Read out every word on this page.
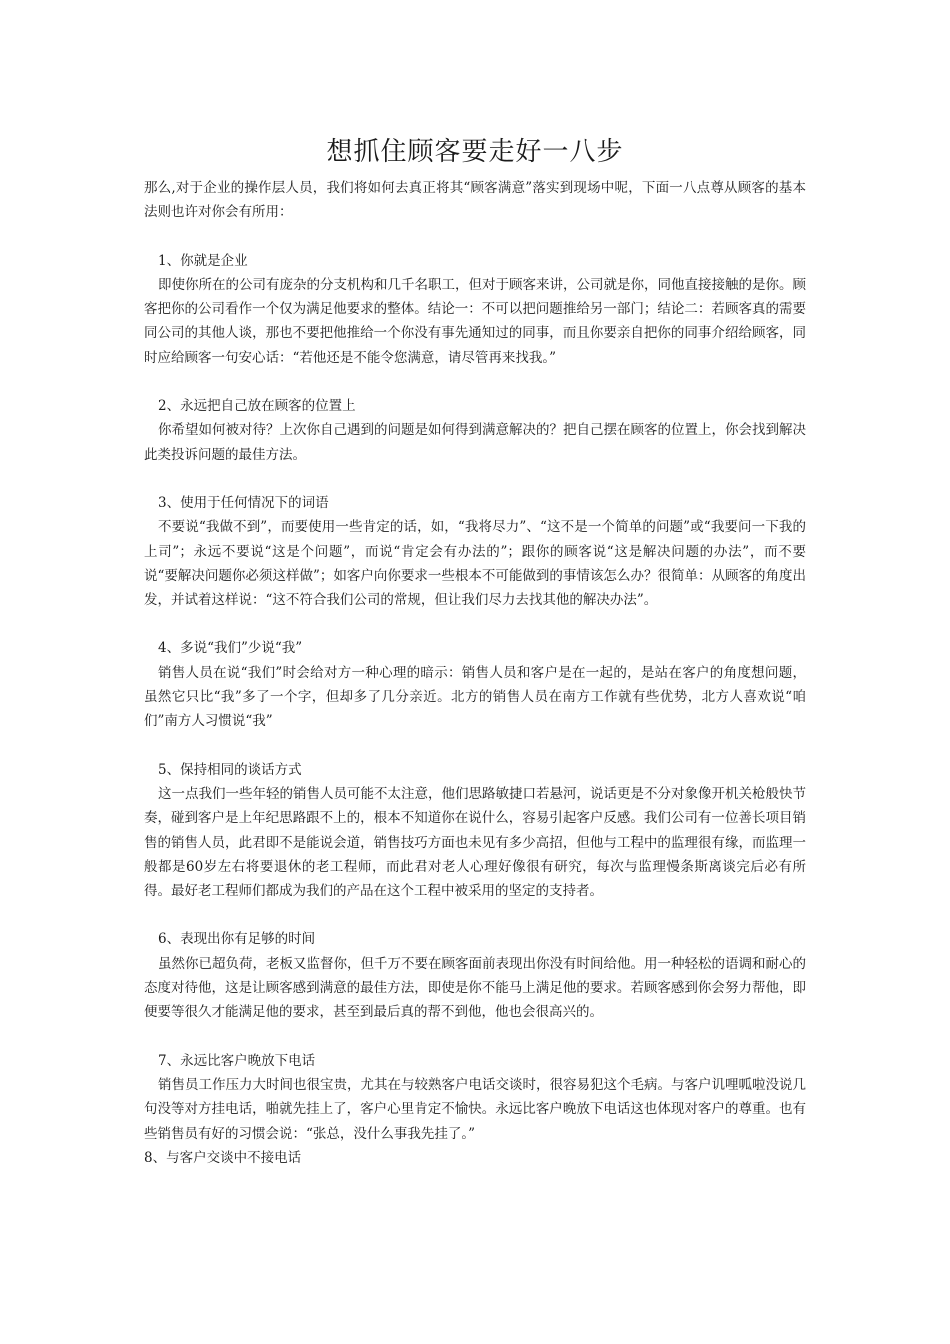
想抓住顾客要走好一八步

那么,对于企业的操作层人员，我们将如何去真正将其“顾客满意”落实到现场中呢，下面一八点尊从顾客的基本法则也许对你会有所用：

1、你就是企业

即使你所在的公司有庞杂的分支机构和几千名职工，但对于顾客来讲，公司就是你，同他直接接触的是你。顾客把你的公司看作一个仅为满足他要求的整体。结论一：不可以把问题推给另一部门；结论二：若顾客真的需要同公司的其他人谈，那也不要把他推给一个你没有事先通知过的同事，而且你要亲自把你的同事介绍给顾客，同时应给顾客一句安心话：“若他还是不能令您满意，请尽管再来找我。”

2、永远把自己放在顾客的位置上

你希望如何被对待？上次你自己遇到的问题是如何得到满意解决的？把自己摆在顾客的位置上，你会找到解决此类投诉问题的最佳方法。

3、使用于任何情况下的词语

不要说“我做不到”，而要使用一些肯定的话，如，“我将尽力”、“这不是一个简单的问题”或“我要问一下我的上司”；永远不要说“这是个问题”，而说“肯定会有办法的”；跟你的顾客说“这是解决问题的办法”，而不要说“要解决问题你必须这样做”；如客户向你要求一些根本不可能做到的事情该怎么办？很简单：从顾客的角度出发，并试着这样说：“这不符合我们公司的常规，但让我们尽力去找其他的解决办法”。

4、多说“我们”少说“我”

销售人员在说“我们”时会给对方一种心理的暗示：销售人员和客户是在一起的，是站在客户的角度想问题，虽然它只比“我”多了一个字，但却多了几分亲近。北方的销售人员在南方工作就有些优势，北方人喜欢说“咱们”南方人习惯说“我”

5、保持相同的谈话方式

这一点我们一些年轻的销售人员可能不太注意，他们思路敏捷口若悬河，说话更是不分对象像开机关枪般快节奏，碰到客户是上年纪思路跟不上的，根本不知道你在说什么，容易引起客户反感。我们公司有一位善长项目销售的销售人员，此君即不是能说会道，销售技巧方面也未见有多少高招，但他与工程中的监理很有缘，而监理一般都是60岁左右将要退休的老工程师，而此君对老人心理好像很有研究，每次与监理慢条斯离谈完后必有所得。最好老工程师们都成为我们的产品在这个工程中被采用的坚定的支持者。

6、表现出你有足够的时间

虽然你已超负荷，老板又监督你，但千万不要在顾客面前表现出你没有时间给他。用一种轻松的语调和耐心的态度对待他，这是让顾客感到满意的最佳方法，即使是你不能马上满足他的要求。若顾客感到你会努力帮他，即便要等很久才能满足他的要求，甚至到最后真的帮不到他，他也会很高兴的。

7、永远比客户晚放下电话

销售员工作压力大时间也很宝贵，尤其在与较熟客户电话交谈时，很容易犯这个毛病。与客户讥哩呱啦没说几句没等对方挂电话，啪就先挂上了，客户心里肯定不愉快。永远比客户晚放下电话这也体现对客户的尊重。也有些销售员有好的习惯会说：“张总，没什么事我先挂了。”

8、与客户交谈中不接电话
